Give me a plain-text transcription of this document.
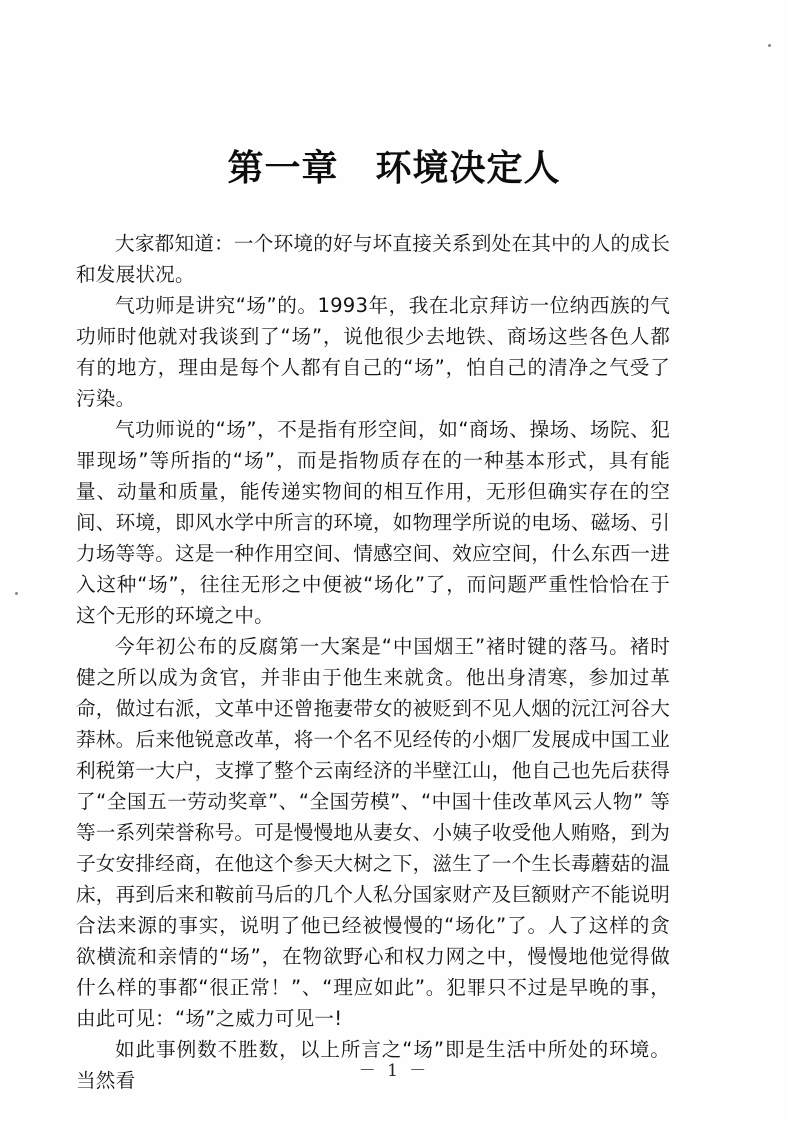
第一章　环境决定人

大家都知道：一个环境的好与坏直接关系到处在其中的人的成长和发展状况。

气功师是讲究“场”的。1993年，我在北京拜访一位纳西族的气功师时他就对我谈到了“场”，说他很少去地铁、商场这些各色人都有的地方，理由是每个人都有自己的“场”，怕自己的清净之气受了污染。

气功师说的“场”，不是指有形空间，如“商场、操场、场院、犯罪现场”等所指的“场”，而是指物质存在的一种基本形式，具有能量、动量和质量，能传递实物间的相互作用，无形但确实存在的空间、环境，即风水学中所言的环境，如物理学所说的电场、磁场、引力场等等。这是一种作用空间、情感空间、效应空间，什么东西一进入这种“场”，往往无形之中便被“场化”了，而问题严重性恰恰在于这个无形的环境之中。

今年初公布的反腐第一大案是“中国烟王”褚时键的落马。褚时健之所以成为贪官，并非由于他生来就贪。他出身清寒，参加过革命，做过右派，文革中还曾拖妻带女的被贬到不见人烟的沅江河谷大莽林。后来他锐意改革，将一个名不见经传的小烟厂发展成中国工业利税第一大户，支撑了整个云南经济的半壁江山，他自己也先后获得了“全国五一劳动奖章”、“全国劳模”、“中国十佳改革风云人物” 等等一系列荣誉称号。可是慢慢地从妻女、小姨子收受他人贿赂，到为子女安排经商，在他这个参天大树之下，滋生了一个生长毒蘑菇的温床，再到后来和鞍前马后的几个人私分国家财产及巨额财产不能说明合法来源的事实，说明了他已经被慢慢的“场化”了。人了这样的贪欲横流和亲情的“场”，在物欲野心和权力网之中，慢慢地他觉得做什么样的事都“很正常！”、“理应如此”。犯罪只不过是早晚的事，由此可见：“场”之威力可见一!

如此事例数不胜数，以上所言之“场”即是生活中所处的环境。当然看	－ 1 －
